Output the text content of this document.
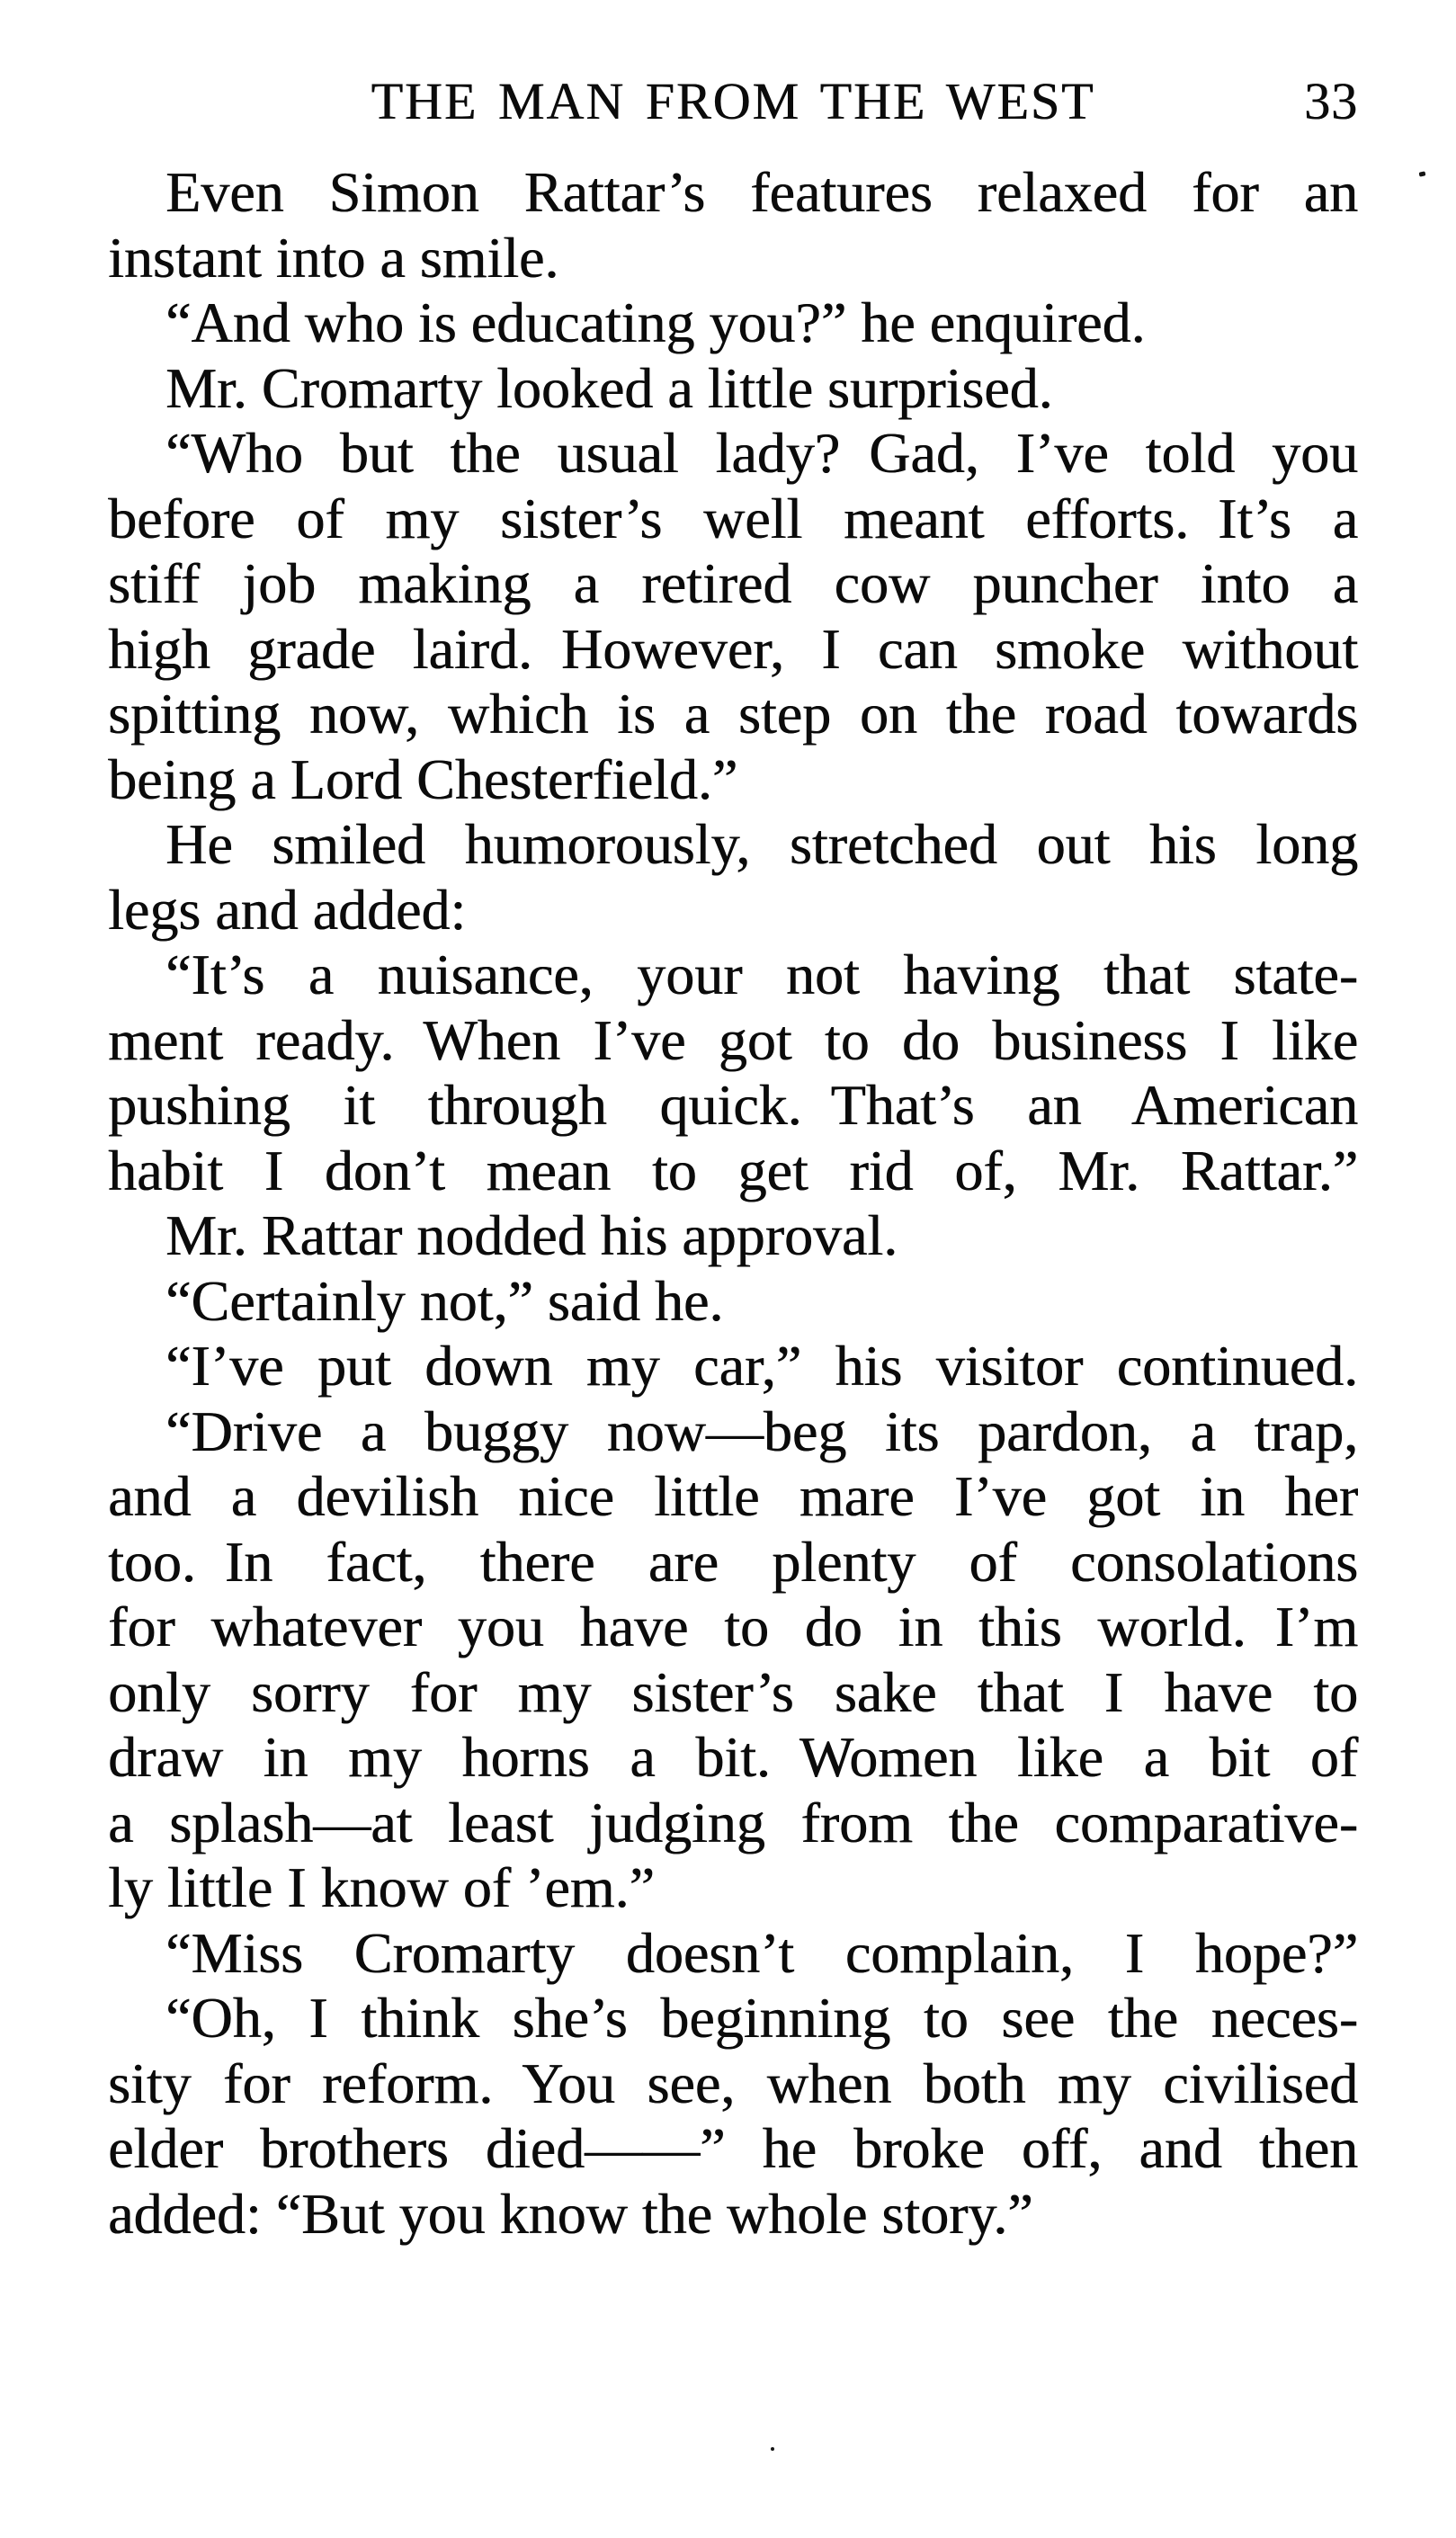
THE MAN FROM THE WEST	33
Even Simon Rattar’s features relaxed for an
instant into a smile.
“And who is educating you?” he enquired.
Mr. Cromarty looked a little surprised.
“Who but the usual lady? Gad, I’ve told you
before of my sister’s well meant efforts. It’s a
stiff job making a retired cow puncher into a
high grade laird. However, I can smoke without
spitting now, which is a step on the road towards
being a Lord Chesterfield.”
He smiled humorously, stretched out his long
legs and added:
“It’s a nuisance, your not having that state-
ment ready. When I’ve got to do business I like
pushing it through quick. That’s an American
habit I don’t mean to get rid of, Mr. Rattar.”
Mr. Rattar nodded his approval.
“Certainly not,” said he.
“I’ve put down my car,” his visitor continued.
“Drive a buggy now—beg its pardon, a trap,
and a devilish nice little mare I’ve got in her
too. In fact, there are plenty of consolations
for whatever you have to do in this world. I’m
only sorry for my sister’s sake that I have to
draw in my horns a bit. Women like a bit of
a splash—at least judging from the comparative-
ly little I know of ’em.”
“Miss Cromarty doesn’t complain, I hope?”
“Oh, I think she’s beginning to see the neces-
sity for reform. You see, when both my civilised
elder brothers died——” he broke off, and then
added: “But you know the whole story.”
